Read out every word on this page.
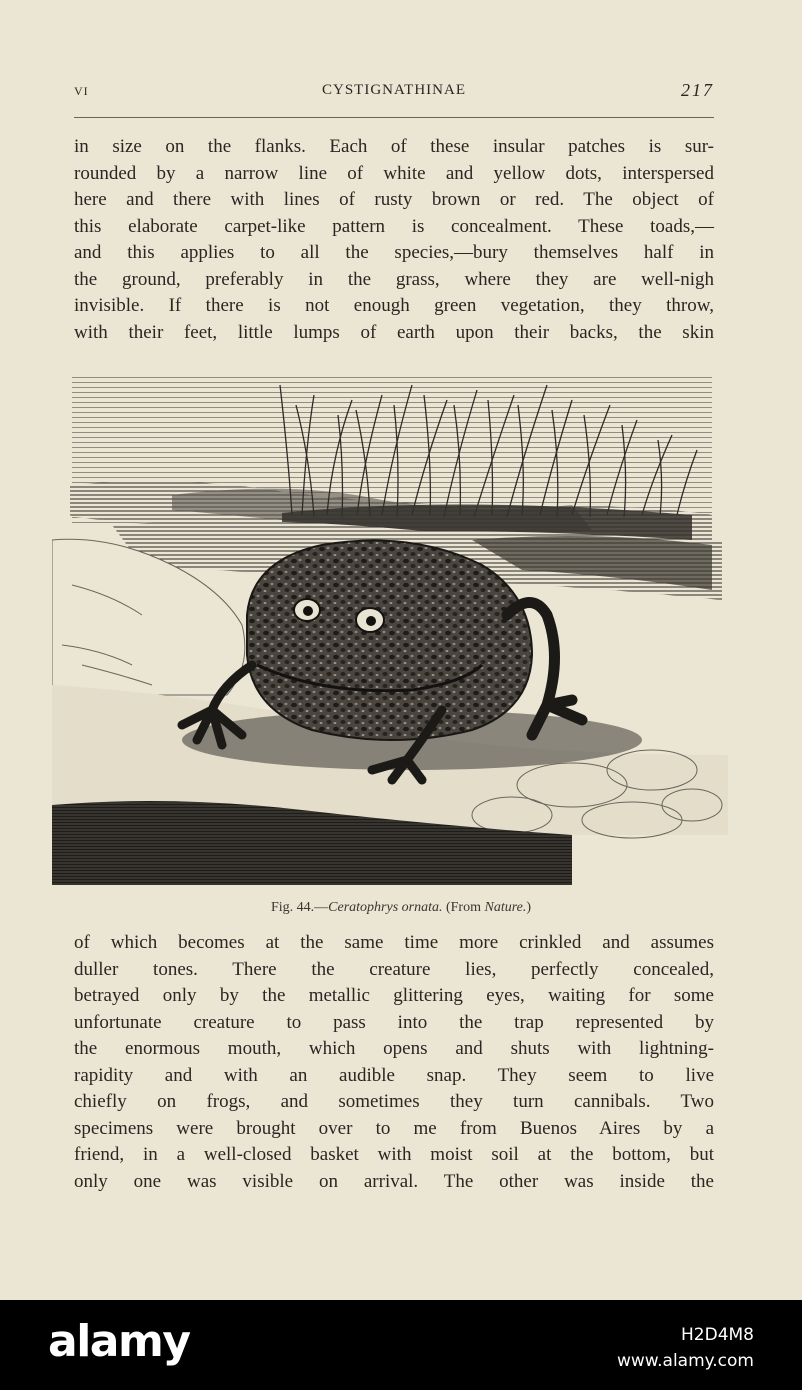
VI	CYSTIGNATHINAE	217
in size on the flanks. Each of these insular patches is sur-
rounded by a narrow line of white and yellow dots, interspersed
here and there with lines of rusty brown or red. The object of
this elaborate carpet-like pattern is concealment. These toads,—
and this applies to all the species,—bury themselves half in
the ground, preferably in the grass, where they are well-nigh
invisible. If there is not enough green vegetation, they throw,
with their feet, little lumps of earth upon their backs, the skin
Fig. 44.—Ceratophrys ornata. (From Nature.)
of which becomes at the same time more crinkled and assumes
duller tones. There the creature lies, perfectly concealed,
betrayed only by the metallic glittering eyes, waiting for some
unfortunate creature to pass into the trap represented by
the enormous mouth, which opens and shuts with lightning-
rapidity and with an audible snap. They seem to live
chiefly on frogs, and sometimes they turn cannibals. Two
specimens were brought over to me from Buenos Aires by a
friend, in a well-closed basket with moist soil at the bottom, but
only one was visible on arrival. The other was inside the
alamy	H2D4M8
www.alamy.com
